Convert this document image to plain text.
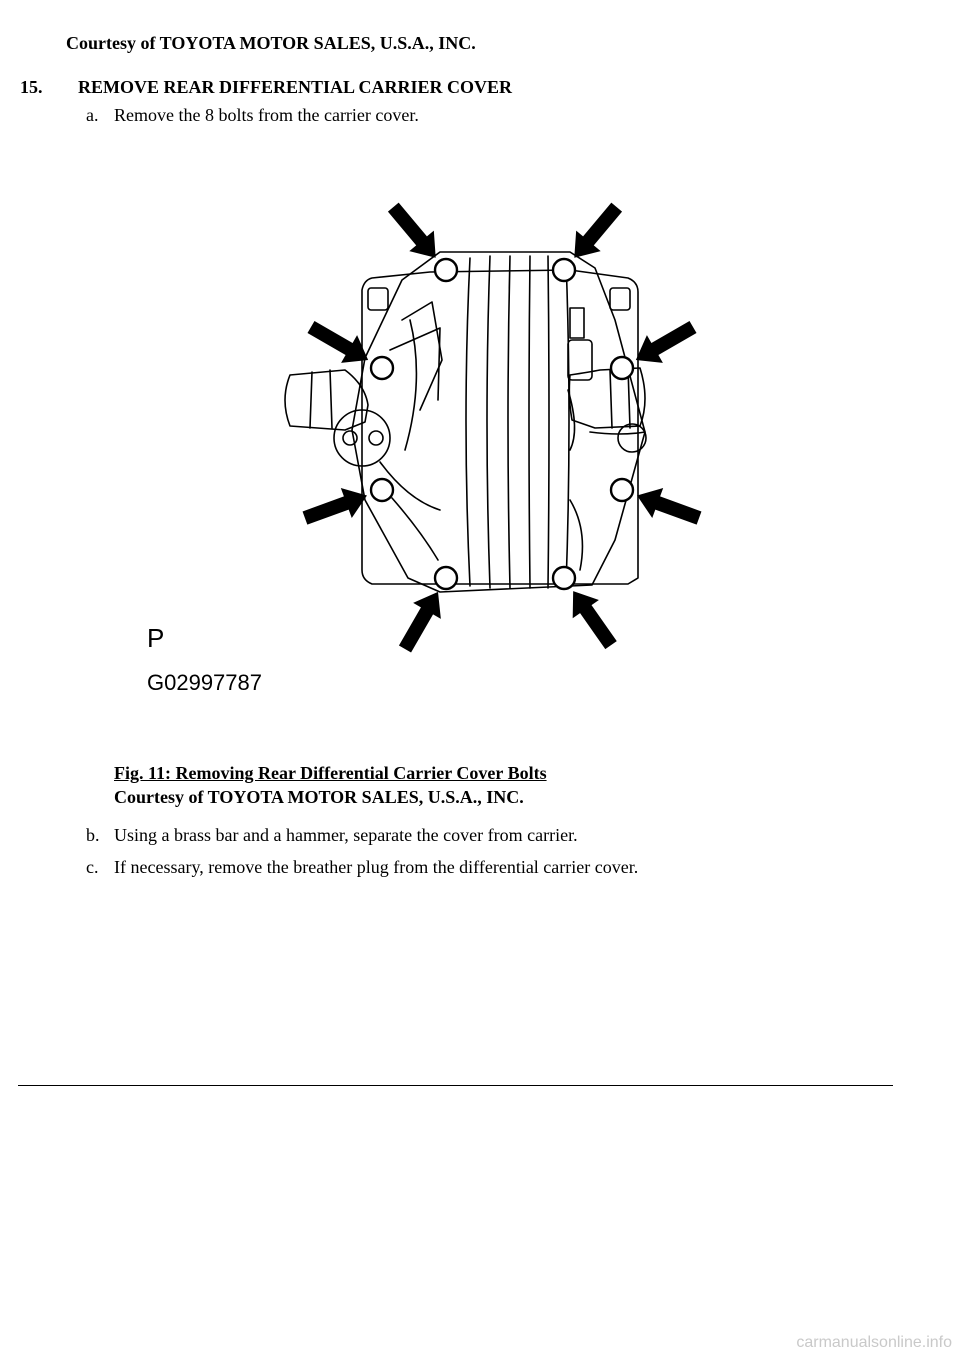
Courtesy of TOYOTA MOTOR SALES, U.S.A., INC.
15. REMOVE REAR DIFFERENTIAL CARRIER COVER
a. Remove the 8 bolts from the carrier cover.
P
G02997787
Fig. 11: Removing Rear Differential Carrier Cover Bolts
Courtesy of TOYOTA MOTOR SALES, U.S.A., INC.
b. Using a brass bar and a hammer, separate the cover from carrier.
c. If necessary, remove the breather plug from the differential carrier cover.
carmanualsonline.info
